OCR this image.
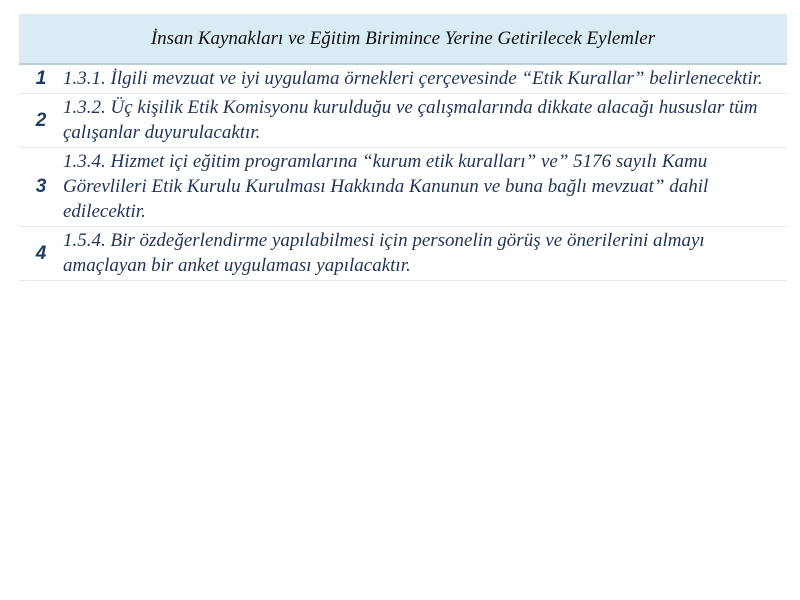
İnsan Kaynakları ve Eğitim Birimince Yerine Getirilecek Eylemler
1 1.3.1. İlgili mevzuat ve iyi uygulama örnekleri çerçevesinde “Etik Kurallar” belirlenecektir.
2
1.3.2. Üç kişilik Etik Komisyonu kurulduğu ve çalışmalarında dikkate alacağı hususlar tüm çalışanlar duyurulacaktır.
3
1.3.4. Hizmet içi eğitim programlarına “kurum etik kuralları” ve” 5176 sayılı Kamu Görevlileri Etik Kurulu Kurulması Hakkında Kanunun ve buna bağlı mevzuat” dahil edilecektir.
4
1.5.4. Bir özdeğerlendirme yapılabilmesi için personelin görüş ve önerilerini almayı amaçlayan bir anket uygulaması yapılacaktır.
